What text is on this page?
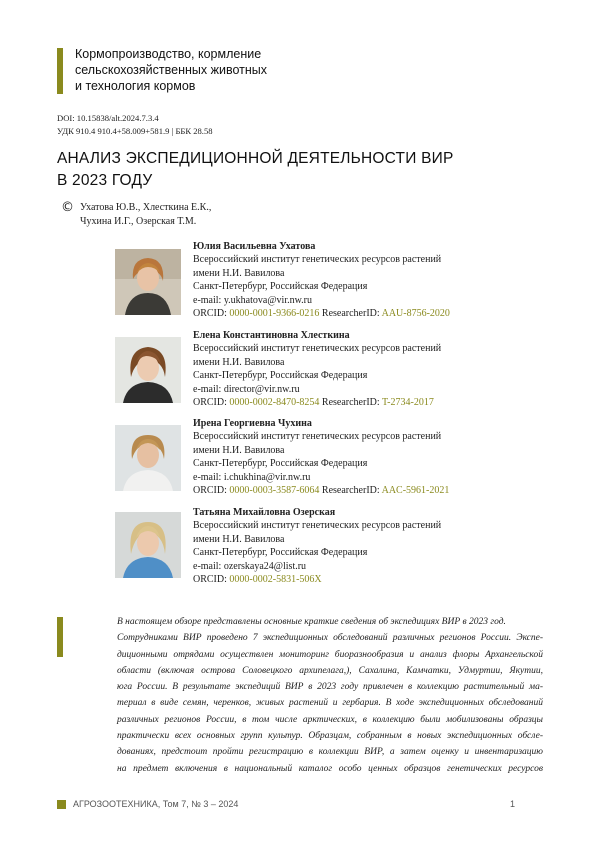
Кормопроизводство, кормление
сельскохозяйственных животных
и технология кормов
DOI: 10.15838/alt.2024.7.3.4
УДК 910.4 910.4+58.009+581.9 | ББК 28.58
АНАЛИЗ ЭКСПЕДИЦИОННОЙ ДЕЯТЕЛЬНОСТИ ВИР
В 2023 ГОДУ
© Ухатова Ю.В., Хлесткина Е.К.,
Чухина И.Г., Озерская Т.М.
Юлия Васильевна Ухатова
Всероссийский институт генетических ресурсов растений
имени Н.И. Вавилова
Санкт-Петербург, Российская Федерация
e-mail: y.ukhatova@vir.nw.ru
ORCID: 0000-0001-9366-0216 ResearcherID: AAU-8756-2020
Елена Константиновна Хлесткина
Всероссийский институт генетических ресурсов растений
имени Н.И. Вавилова
Санкт-Петербург, Российская Федерация
e-mail: director@vir.nw.ru
ORCID: 0000-0002-8470-8254 ResearcherID: T-2734-2017
Ирена Георгиевна Чухина
Всероссийский институт генетических ресурсов растений
имени Н.И. Вавилова
Санкт-Петербург, Российская Федерация
e-mail: i.chukhina@vir.nw.ru
ORCID: 0000-0003-3587-6064 ResearcherID: AAC-5961-2021
Татьяна Михайловна Озерская
Всероссийский институт генетических ресурсов растений
имени Н.И. Вавилова
Санкт-Петербург, Российская Федерация
e-mail: ozerskaya24@list.ru
ORCID: 0000-0002-5831-506X
В настоящем обзоре представлены основные краткие сведения об экспедициях ВИР в 2023 год.
Сотрудниками ВИР проведено 7 экспедиционных обследований различных регионов России. Экспе-
диционными отрядами осуществлен мониторинг биоразнообразия и анализ флоры Архангельской
области (включая острова Соловецкого архипелага,), Сахалина, Камчатки, Удмуртии, Якутии,
юга России. В результате экспедиций ВИР в 2023 году привлечен в коллекцию растительный ма-
териал в виде семян, черенков, живых растений и гербария. В ходе экспедиционных обследований
различных регионов России, в том числе арктических, в коллекцию были мобилизованы образцы
практически всех основных групп культур. Образцам, собранным в новых экспедиционных обсле-
дованиях, предстоит пройти регистрацию в коллекции ВИР, а затем оценку и инвентаризацию
на предмет включения в национальный каталог особо ценных образцов генетических ресурсов
АГРОЗООТЕХНИКА, Том 7, № 3 – 2024	1
